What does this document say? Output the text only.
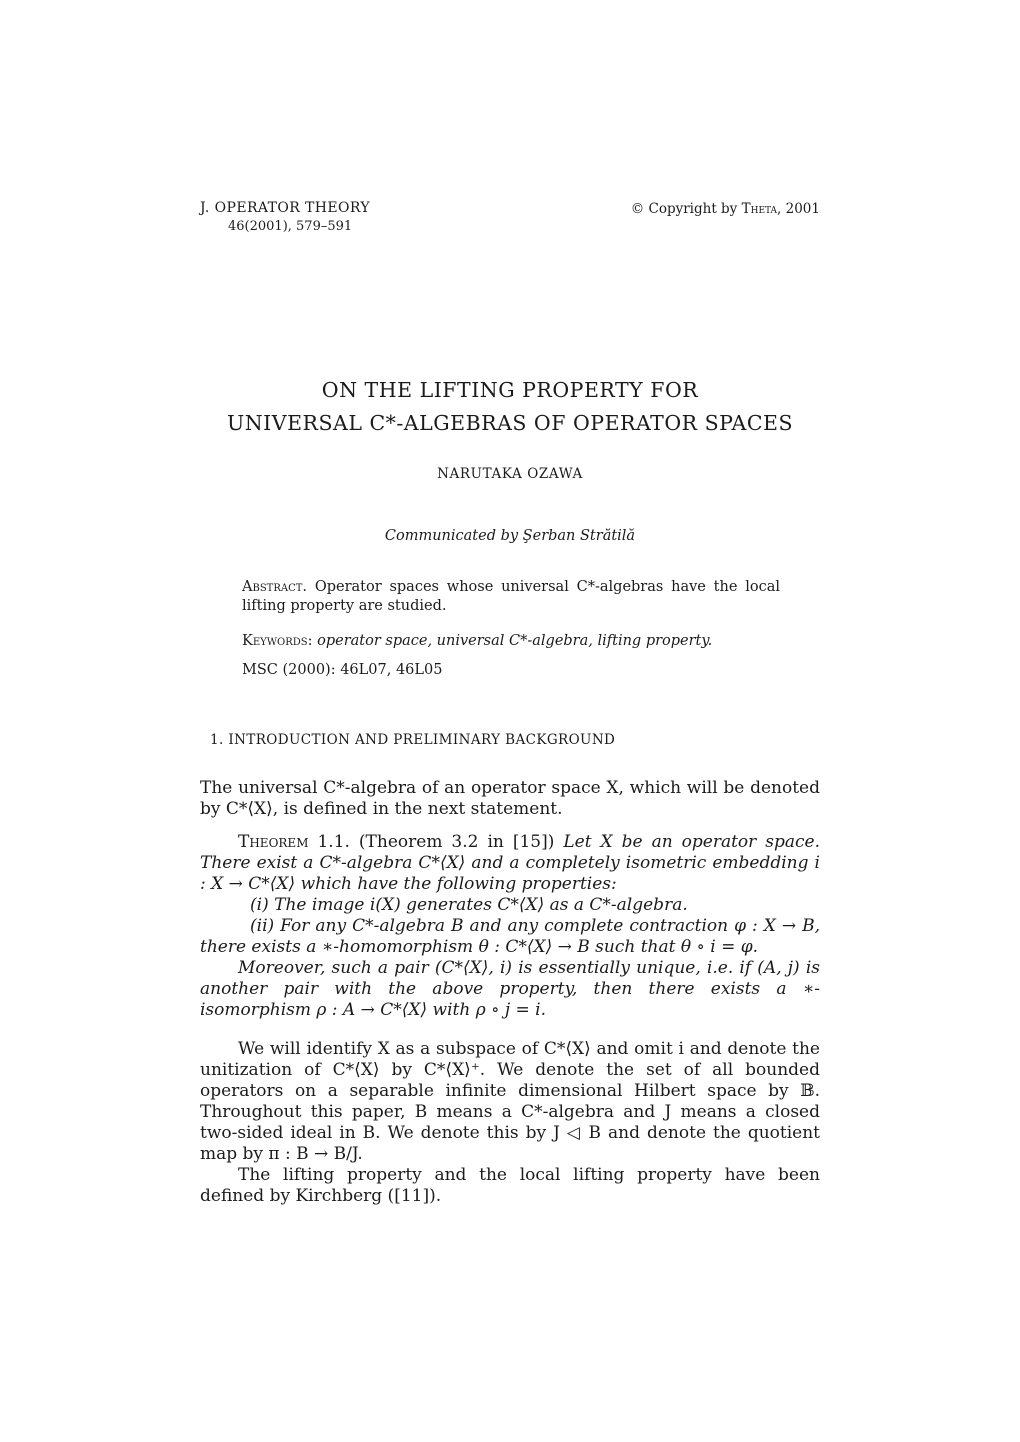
J. OPERATOR THEORY
46(2001), 579–591
© Copyright by Theta, 2001
ON THE LIFTING PROPERTY FOR
UNIVERSAL C*-ALGEBRAS OF OPERATOR SPACES
NARUTAKA OZAWA
Communicated by Şerban Strătilă
Abstract. Operator spaces whose universal C*-algebras have the local lifting property are studied.
Keywords: operator space, universal C*-algebra, lifting property.
MSC (2000): 46L07, 46L05
1. INTRODUCTION AND PRELIMINARY BACKGROUND

The universal C*-algebra of an operator space X, which will be denoted by C*⟨X⟩, is defined in the next statement.

Theorem 1.1. (Theorem 3.2 in [15]) Let X be an operator space. There exist a C*-algebra C*⟨X⟩ and a completely isometric embedding i : X → C*⟨X⟩ which have the following properties:

(i) The image i(X) generates C*⟨X⟩ as a C*-algebra.

(ii) For any C*-algebra B and any complete contraction φ : X → B, there exists a ∗-homomorphism θ : C*⟨X⟩ → B such that θ ∘ i = φ.

Moreover, such a pair (C*⟨X⟩, i) is essentially unique, i.e. if (A, j) is another pair with the above property, then there exists a ∗-isomorphism ρ : A → C*⟨X⟩ with ρ ∘ j = i.

We will identify X as a subspace of C*⟨X⟩ and omit i and denote the unitization of C*⟨X⟩ by C*⟨X⟩⁺. We denote the set of all bounded operators on a separable infinite dimensional Hilbert space by 𝔹. Throughout this paper, B means a C*-algebra and J means a closed two-sided ideal in B. We denote this by J ◁ B and denote the quotient map by π : B → B/J.

The lifting property and the local lifting property have been defined by Kirchberg ([11]).
